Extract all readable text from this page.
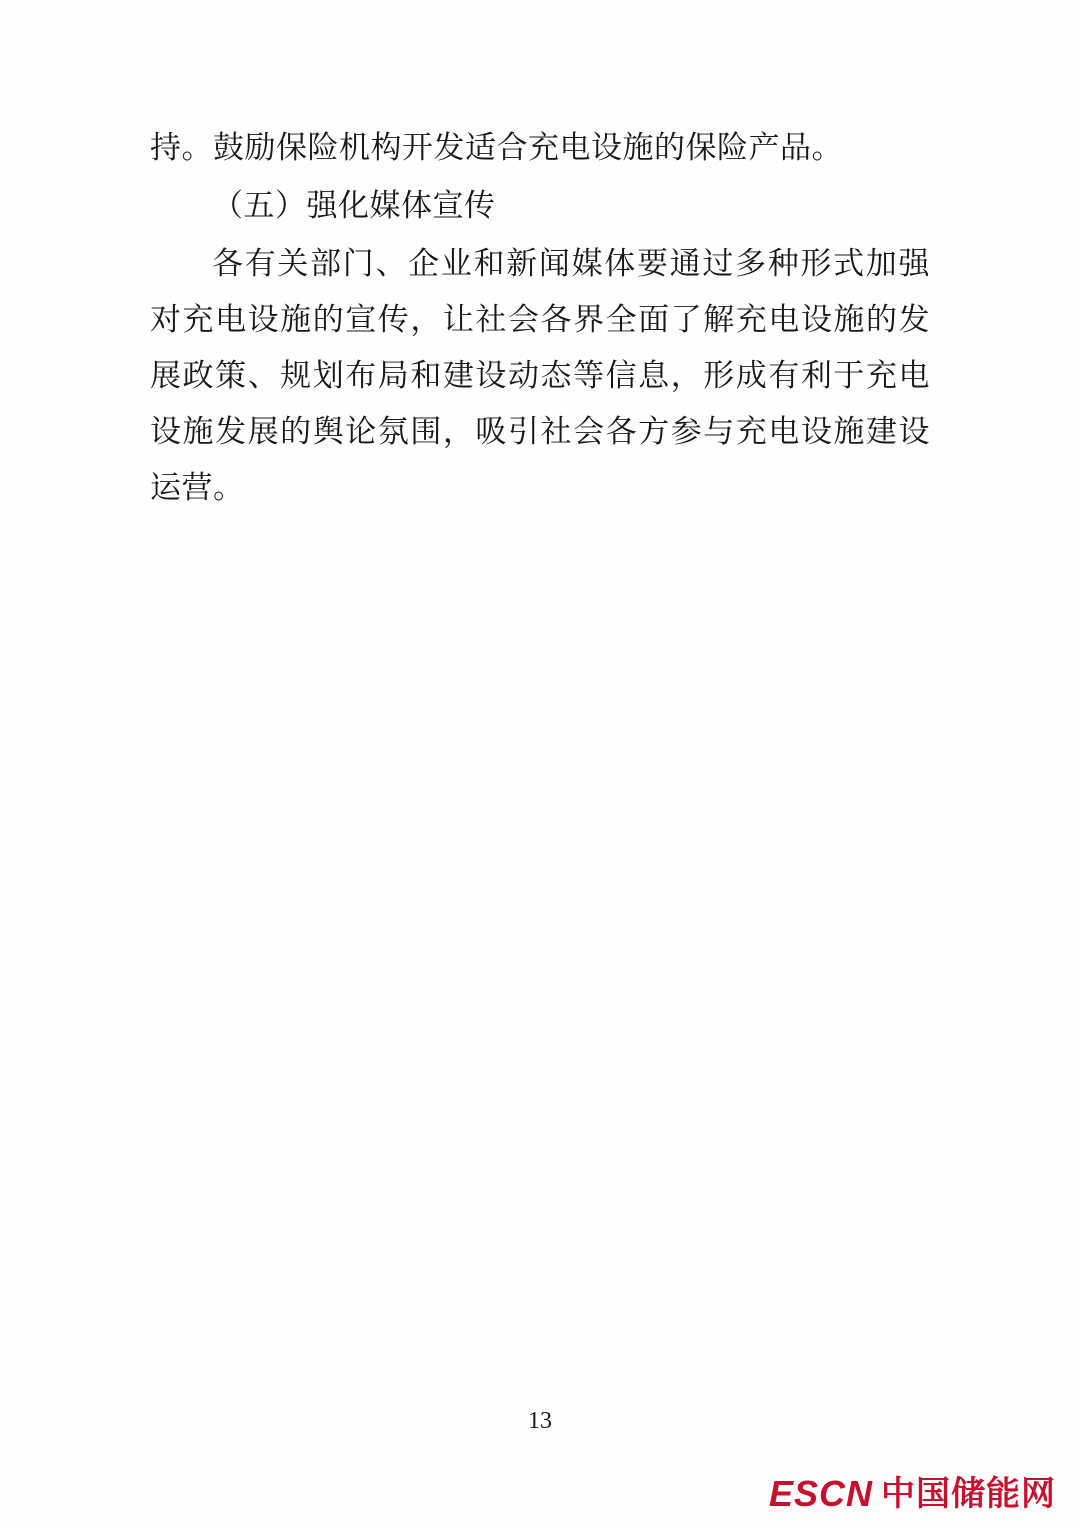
持。鼓励保险机构开发适合充电设施的保险产品。

（五）强化媒体宣传

各有关部门、企业和新闻媒体要通过多种形式加强对充电设施的宣传，让社会各界全面了解充电设施的发展政策、规划布局和建设动态等信息，形成有利于充电设施发展的舆论氛围，吸引社会各方参与充电设施建设运营。

13
ESCN 中国储能网
